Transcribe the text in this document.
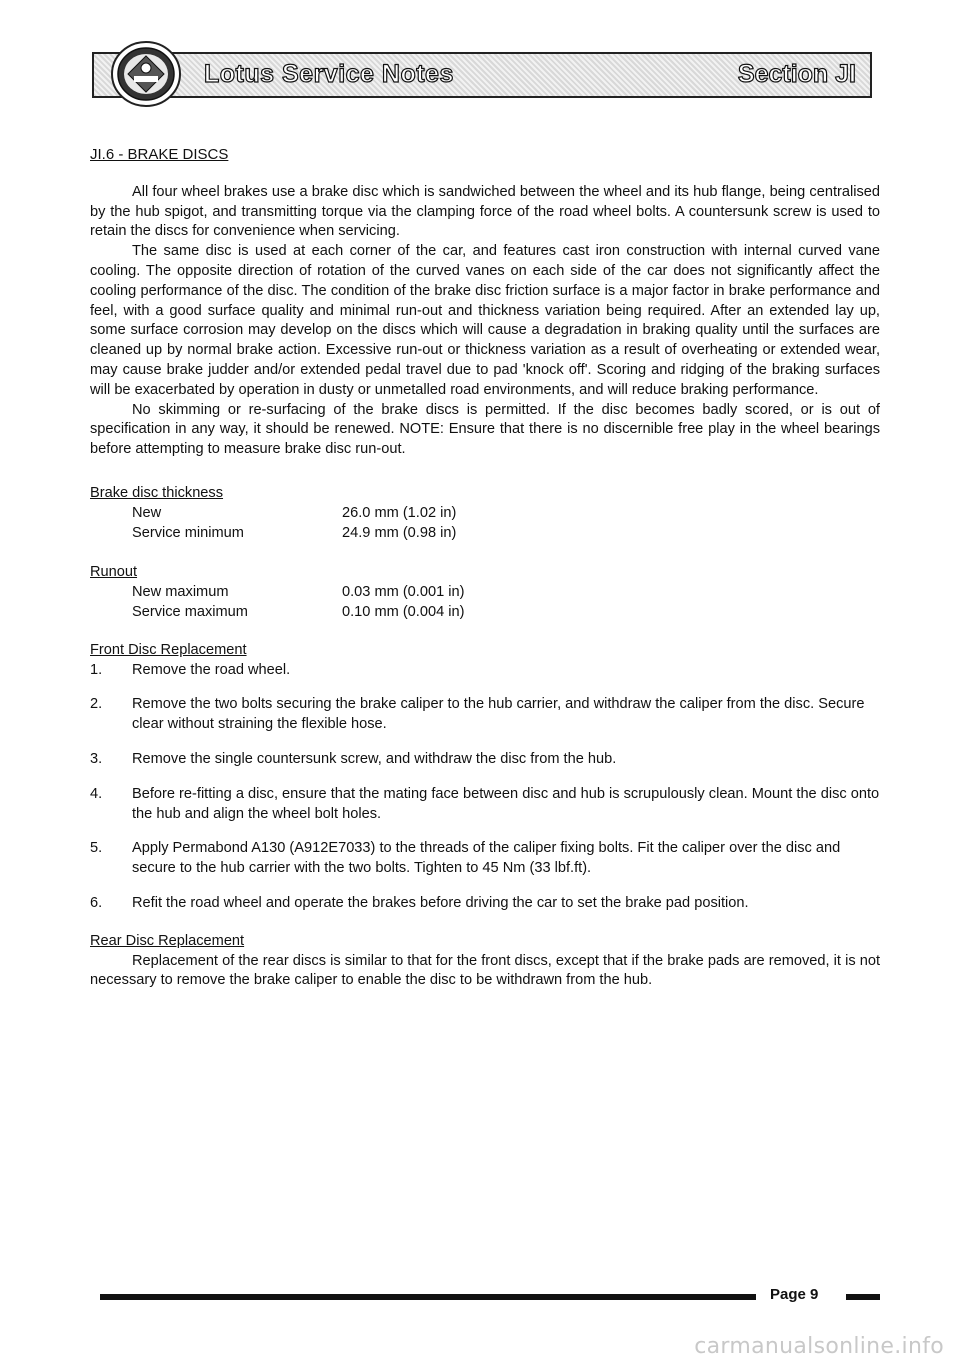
Lotus Service Notes	Section JI
JI.6 - BRAKE DISCS

All four wheel brakes use a brake disc which is sandwiched between the wheel and its hub flange, being centralised by the hub spigot, and transmitting torque via the clamping force of the road wheel bolts. A countersunk screw is used to retain the discs for convenience when servicing.

The same disc is used at each corner of the car, and features cast iron construction with internal curved vane cooling. The opposite direction of rotation of the curved vanes on each side of the car does not significantly affect the cooling performance of the disc. The condition of the brake disc friction surface is a major factor in brake performance and feel, with a good surface quality and minimal run-out and thickness variation being required. After an extended lay up, some surface corrosion may develop on the discs which will cause a degradation in braking quality until the surfaces are cleaned up by normal brake action. Excessive run-out or thickness variation as a result of overheating or extended wear, may cause brake judder and/or extended pedal travel due to pad 'knock off'. Scoring and ridging of the braking surfaces will be exacerbated by operation in dusty or unmetalled road environments, and will reduce braking performance.

No skimming or re-surfacing of the brake discs is permitted. If the disc becomes badly scored, or is out of specification in any way, it should be renewed. NOTE: Ensure that there is no discernible free play in the wheel bearings before attempting to measure brake disc run-out.

Brake disc thickness
New	26.0 mm (1.02 in)
Service minimum	24.9 mm (0.98 in)
Runout
New maximum	0.03 mm (0.001 in)
Service maximum	0.10 mm (0.004 in)
Front Disc Replacement
1.	Remove the road wheel.
2.	Remove the two bolts securing the brake caliper to the hub carrier, and withdraw the caliper from the disc. Secure clear without straining the flexible hose.
3.	Remove the single countersunk screw, and withdraw the disc from the hub.
4.	Before re-fitting a disc, ensure that the mating face between disc and hub is scrupulously clean. Mount the disc onto the hub and align the wheel bolt holes.
5.	Apply Permabond A130 (A912E7033) to the threads of the caliper fixing bolts. Fit the caliper over the disc and secure to the hub carrier with the two bolts. Tighten to 45 Nm (33 lbf.ft).
6.	Refit the road wheel and operate the brakes before driving the car to set the brake pad position.
Rear Disc Replacement

Replacement of the rear discs is similar to that for the front discs, except that if the brake pads are removed, it is not necessary to remove the brake caliper to enable the disc to be withdrawn from the hub.

Page 9
carmanualsonline.info
